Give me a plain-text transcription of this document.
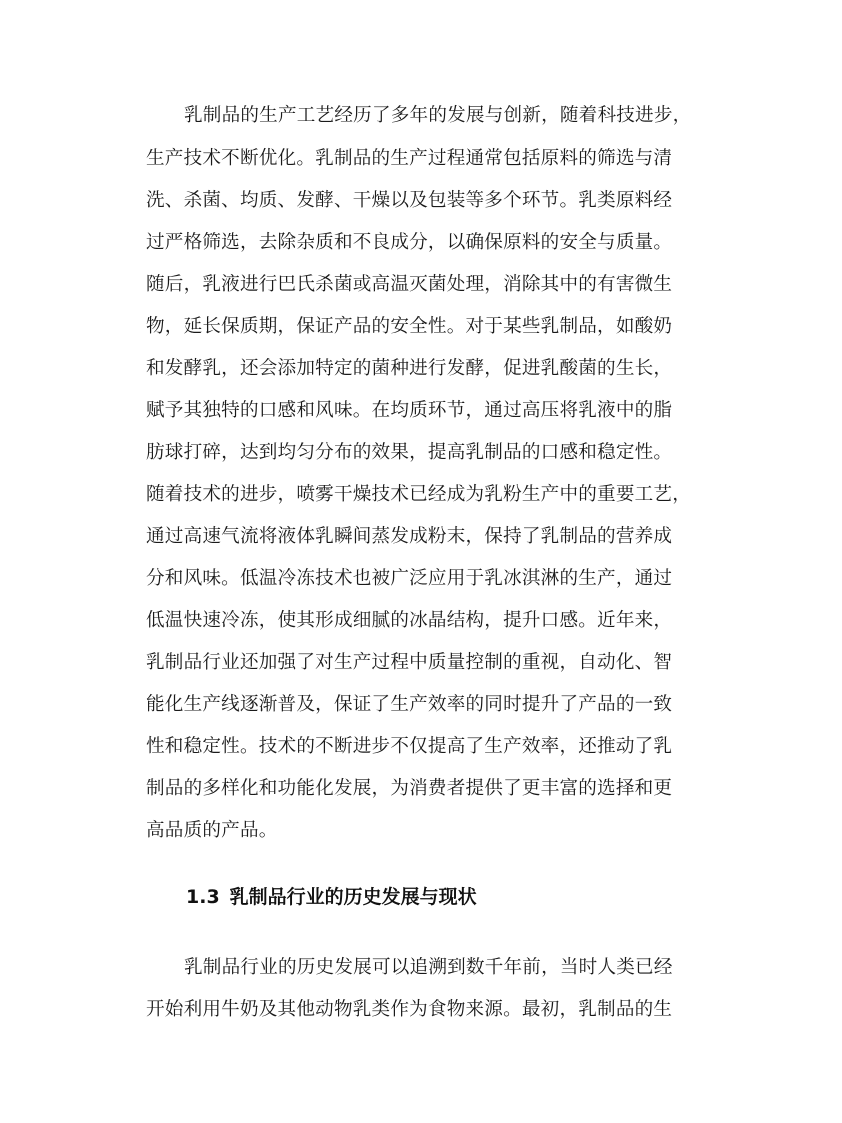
乳制品的生产工艺经历了多年的发展与创新，随着科技进步，
生产技术不断优化。乳制品的生产过程通常包括原料的筛选与清
洗、杀菌、均质、发酵、干燥以及包装等多个环节。乳类原料经
过严格筛选，去除杂质和不良成分，以确保原料的安全与质量。
随后，乳液进行巴氏杀菌或高温灭菌处理，消除其中的有害微生
物，延长保质期，保证产品的安全性。对于某些乳制品，如酸奶
和发酵乳，还会添加特定的菌种进行发酵，促进乳酸菌的生长，
赋予其独特的口感和风味。在均质环节，通过高压将乳液中的脂
肪球打碎，达到均匀分布的效果，提高乳制品的口感和稳定性。
随着技术的进步，喷雾干燥技术已经成为乳粉生产中的重要工艺，
通过高速气流将液体乳瞬间蒸发成粉末，保持了乳制品的营养成
分和风味。低温冷冻技术也被广泛应用于乳冰淇淋的生产，通过
低温快速冷冻，使其形成细腻的冰晶结构，提升口感。近年来，
乳制品行业还加强了对生产过程中质量控制的重视，自动化、智
能化生产线逐渐普及，保证了生产效率的同时提升了产品的一致
性和稳定性。技术的不断进步不仅提高了生产效率，还推动了乳
制品的多样化和功能化发展，为消费者提供了更丰富的选择和更
高品质的产品。
1.3 乳制品行业的历史发展与现状
乳制品行业的历史发展可以追溯到数千年前，当时人类已经
开始利用牛奶及其他动物乳类作为食物来源。最初，乳制品的生
